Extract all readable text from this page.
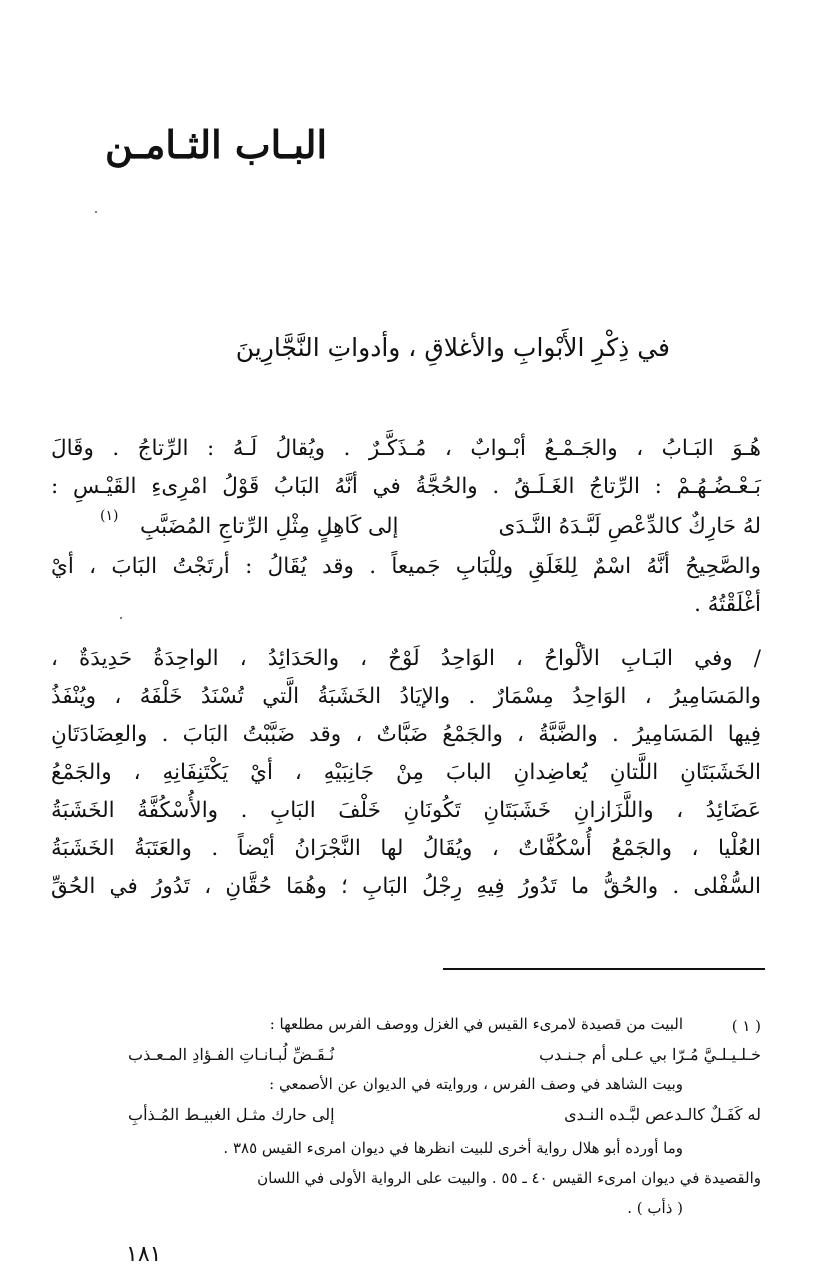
البـاب الثـامـن
في ذِكْرِ الأَبْوابِ والأغلاقِ ، وأدواتِ النَّجَّارِينَ
هُـوَ البَـابُ ، والجَـمْـعُ أبْـوابٌ ، مُـذَكَّـرٌ . ويُقالُ لَـهُ : الرِّتاجُ . وقَالَ
بَـعْـضُـهُـمْ : الرِّتاجُ الغَـلَـقُ . والحُجَّةُ في أنَّهُ البَابُ قَوْلُ امْرِىءِ القَيْـسِ :
لهُ حَارِكٌ كالدِّعْصِ لَبَّـدَهُ النَّـدَى
إلى كَاهِلٍ مِثْلِ الرِّتاجِ المُضَبَّبِ
(١)
والصَّحِيحُ أنَّهُ اسْمٌ لِلغَلَقِ ولِلْبَابِ جَميعاً . وقد يُقَالُ : أرتَجْتُ البَابَ ، أيْ
أغْلَقْتُهُ .
/ وفي البَـابِ الألْواحُ ، الوَاحِدُ لَوْحٌ ، والحَدَائِدُ ، الواحِدَةُ حَدِيدَةٌ ،
والمَسَامِيرُ ، الوَاحِدُ مِسْمَارٌ . والإيَادُ الخَشَبَةُ الَّتي تُسْنَدُ خَلْفَهُ ، ويُنْفَذُ
فِيها المَسَامِيرُ . والضَّبَّةُ ، والجَمْعُ ضَبَّاتٌ ، وقد ضَبَّبْتُ البَابَ . والعِضَادَتَانِ
الخَشَبَتَانِ اللَّتانِ يُعاضِدانِ البابَ مِنْ جَانِبَيْهِ ، أيْ يَكْتَنِفَانِهِ ، والجَمْعُ
عَضَائِدُ ، واللَّزَازانِ خَشَبَتَانِ تَكُونَانِ خَلْفَ البَابِ . والأُسْكُفَّةُ الخَشَبَةُ
العُلْيا ، والجَمْعُ أُسْكُفَّاتٌ ، ويُقَالُ لها النَّجْرَانُ أيْضاً . والعَتَبَةُ الخَشَبَةُ
السُّفْلى . والحُقُّ ما تَدُورُ فِيهِ رِجْلُ البَابِ ؛ وهُمَا حُقَّانِ ، تَدُورُ في الحُقِّ
( ١ )
البيت من قصيدة لامرىء القيس في الغزل ووصف الفرس مطلعها :
خـلـيـلـيَّ مُـرّا بي عـلى أم جـنـدب
نُـقَـضِّ لُبـانـاتِ الفـؤادِ المـعـذب
وبيت الشاهد في وصف الفرس ، وروايته في الديوان عن الأصمعي :
له كَفَـلٌ كالـدعص لبَّـده النـدى
إلى حارك مثـل الغبيـط المُـذأبِ
وما أورده أبو هلال رواية أخرى للبيت انظرها في ديوان امرىء القيس ٣٨٥ .
والقصيدة في ديوان امرىء القيس ٤٠ ـ ٥٥ . والبيت على الرواية الأولى في اللسان
( ذأب ) .
١٨١
